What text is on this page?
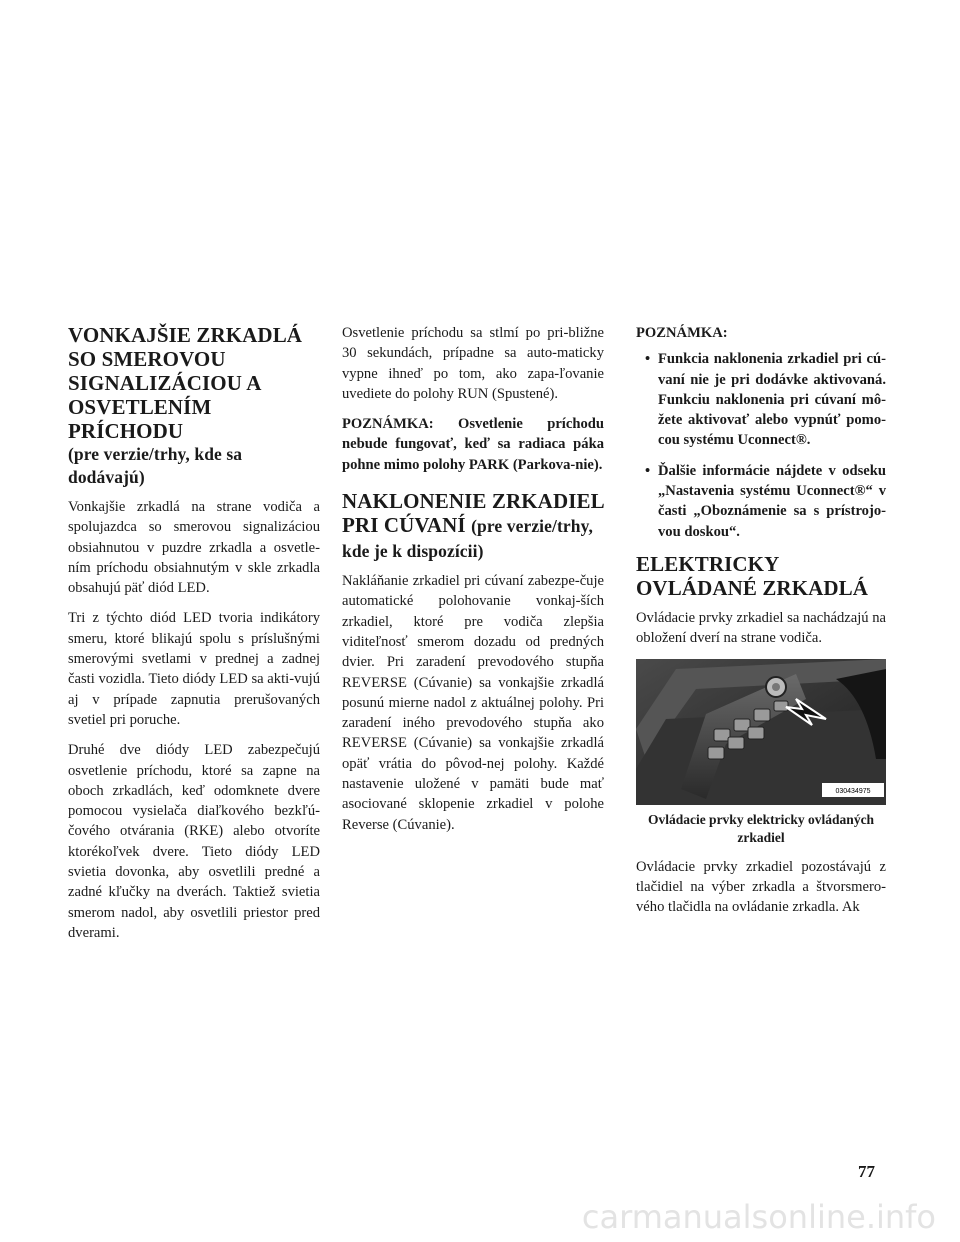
VONKAJŠIE ZRKADLÁ SO SMEROVOU SIGNALIZÁCIOU A OSVETLENÍM PRÍCHODU
(pre verzie/trhy, kde sa dodávajú)

Vonkajšie zrkadlá na strane vodiča a spolujazdca so smerovou signalizáciou obsiahnutou v puzdre zrkadla a osvetle-ním príchodu obsiahnutým v skle zrkadla obsahujú päť diód LED.

Tri z týchto diód LED tvoria indikátory smeru, ktoré blikajú spolu s príslušnými smerovými svetlami v prednej a zadnej časti vozidla. Tieto diódy LED sa akti-vujú aj v prípade zapnutia prerušovaných svetiel pri poruche.

Druhé dve diódy LED zabezpečujú osvetlenie príchodu, ktoré sa zapne na oboch zrkadlách, keď odomknete dvere pomocou vysielača diaľkového bezkľú-čového otvárania (RKE) alebo otvoríte ktorékoľvek dvere. Tieto diódy LED svietia dovonka, aby osvetlili predné a zadné kľučky na dverách. Taktiež svietia smerom nadol, aby osvetlili priestor pred dverami.

Osvetlenie príchodu sa stlmí po pri-bližne 30 sekundách, prípadne sa auto-maticky vypne ihneď po tom, ako zapa-ľovanie uvediete do polohy RUN (Spustené).

POZNÁMKA: Osvetlenie príchodu nebude fungovať, keď sa radiaca páka pohne mimo polohy PARK (Parkova-nie).

NAKLONENIE ZRKADIEL PRI CÚVANÍ (pre verzie/trhy, kde je k dispozícii)

Nakláňanie zrkadiel pri cúvaní zabezpe-čuje automatické polohovanie vonkaj-ších zrkadiel, ktoré pre vodiča zlepšia viditeľnosť smerom dozadu od predných dvier. Pri zaradení prevodového stupňa REVERSE (Cúvanie) sa vonkajšie zrkadlá posunú mierne nadol z aktuálnej polohy. Pri zaradení iného prevodového stupňa ako REVERSE (Cúvanie) sa vonkajšie zrkadlá opäť vrátia do pôvod-nej polohy. Každé nastavenie uložené v pamäti bude mať asociované sklopenie zrkadiel v polohe Reverse (Cúvanie).

POZNÁMKA:

• Funkcia naklonenia zrkadiel pri cú-vaní nie je pri dodávke aktivovaná. Funkciu naklonenia pri cúvaní mô-žete aktivovať alebo vypnúť pomo-cou systému Uconnect®.
• Ďalšie informácie nájdete v odseku „Nastavenia systému Uconnect®“ v časti „Oboznámenie sa s prístrojo-vou doskou“.
ELEKTRICKY OVLÁDANÉ ZRKADLÁ

Ovládacie prvky zrkadiel sa nachádzajú na obložení dverí na strane vodiča.

030434975

Ovládacie prvky elektricky ovládaných zrkadiel

Ovládacie prvky zrkadiel pozostávajú z tlačidiel na výber zrkadla a štvorsmero-vého tlačidla na ovládanie zrkadla. Ak

77
carmanualsonline.info
